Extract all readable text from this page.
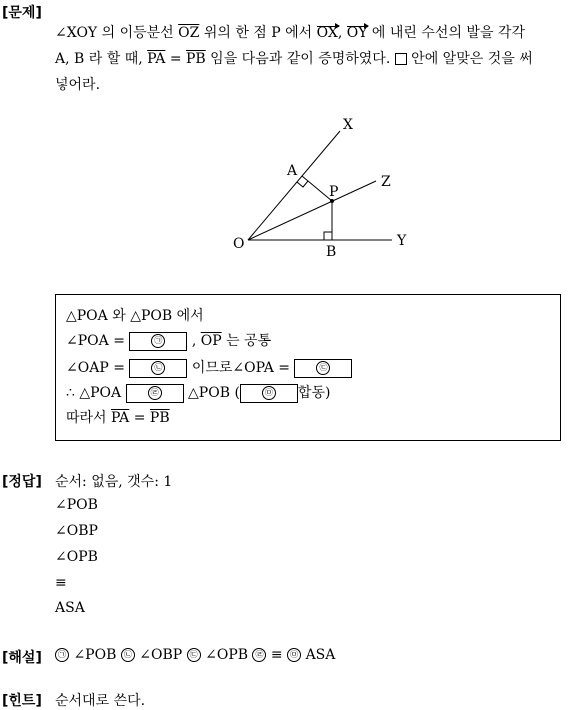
[문제]
∠XOY 의 이등분선 $\overline{OZ}$ 위의 한 점 P 에서 OX, OY 에 내린 수선의 발을 각각
A, B 라 할 때, $\overline{PA} = \overline{PB}$ 임을 다음과 같이 증명하였다.  안에 알맞은 것을 써
넣어라.
X
A
P
Z
O	B
Y
△POA 와 △POB 에서
∠POA =	㉠ , $\overline{OP}$ 는 공통
∠OAP =	㉡ 이므로∠OPA =	㉢
∴ △POA	㉣ △POB (	㉤ 합동)
따라서 $\overline{PA} = \overline{PB}$
[정답] 순서: 없음, 갯수: 1
∠POB
∠OBP
∠OPB
≡
ASA
[해설]	㉠ ∠POB ㉡ ∠OBP ㉢ ∠OPB ㉣ ≡ ㉤ ASA
[힌트] 순서대로 쓴다.
